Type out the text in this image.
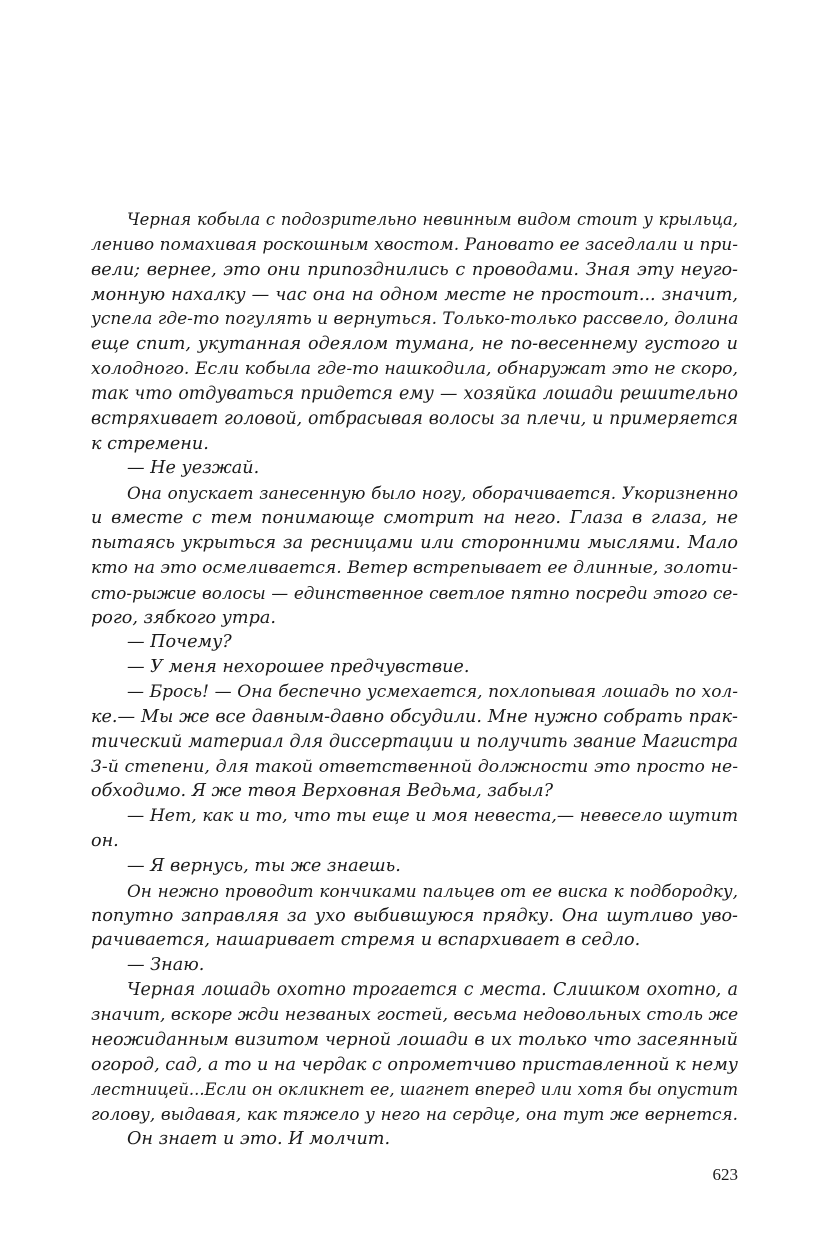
Черная кобыла с подозрительно невинным видом стоит у крыльца,
лениво помахивая роскошным хвостом. Рановато ее заседлали и при-
вели; вернее, это они припозднились с проводами. Зная эту неуго-
монную нахалку — час она на одном месте не простоит... значит,
успела где-то погулять и вернуться. Только-только рассвело, долина
еще спит, укутанная одеялом тумана, не по-весеннему густого и
холодного. Если кобыла где-то нашкодила, обнаружат это не скоро,
так что отдуваться придется ему — хозяйка лошади решительно
встряхивает головой, отбрасывая волосы за плечи, и примеряется
к стремени.
— Не уезжай.
Она опускает занесенную было ногу, оборачивается. Укоризненно
и вместе с тем понимающе смотрит на него. Глаза в глаза, не
пытаясь укрыться за ресницами или сторонними мыслями. Мало
кто на это осмеливается. Ветер встрепывает ее длинные, золоти-
сто-рыжие волосы — единственное светлое пятно посреди этого се-
рого, зябкого утра.
— Почему?
— У меня нехорошее предчувствие.
— Брось! — Она беспечно усмехается, похлопывая лошадь по хол-
ке.— Мы же все давным-давно обсудили. Мне нужно собрать прак-
тический материал для диссертации и получить звание Магистра
3-й степени, для такой ответственной должности это просто не-
обходимо. Я же твоя Верховная Ведьма, забыл?
— Нет, как и то, что ты еще и моя невеста,— невесело шутит
он.
— Я вернусь, ты же знаешь.
Он нежно проводит кончиками пальцев от ее виска к подбородку,
попутно заправляя за ухо выбившуюся прядку. Она шутливо уво-
рачивается, нашаривает стремя и вспархивает в седло.
— Знаю.
Черная лошадь охотно трогается с места. Слишком охотно, а
значит, вскоре жди незваных гостей, весьма недовольных столь же
неожиданным визитом черной лошади в их только что засеянный
огород, сад, а то и на чердак с опрометчиво приставленной к нему
лестницей...Если он окликнет ее, шагнет вперед или хотя бы опустит
голову, выдавая, как тяжело у него на сердце, она тут же вернется.
Он знает и это. И молчит.
623
